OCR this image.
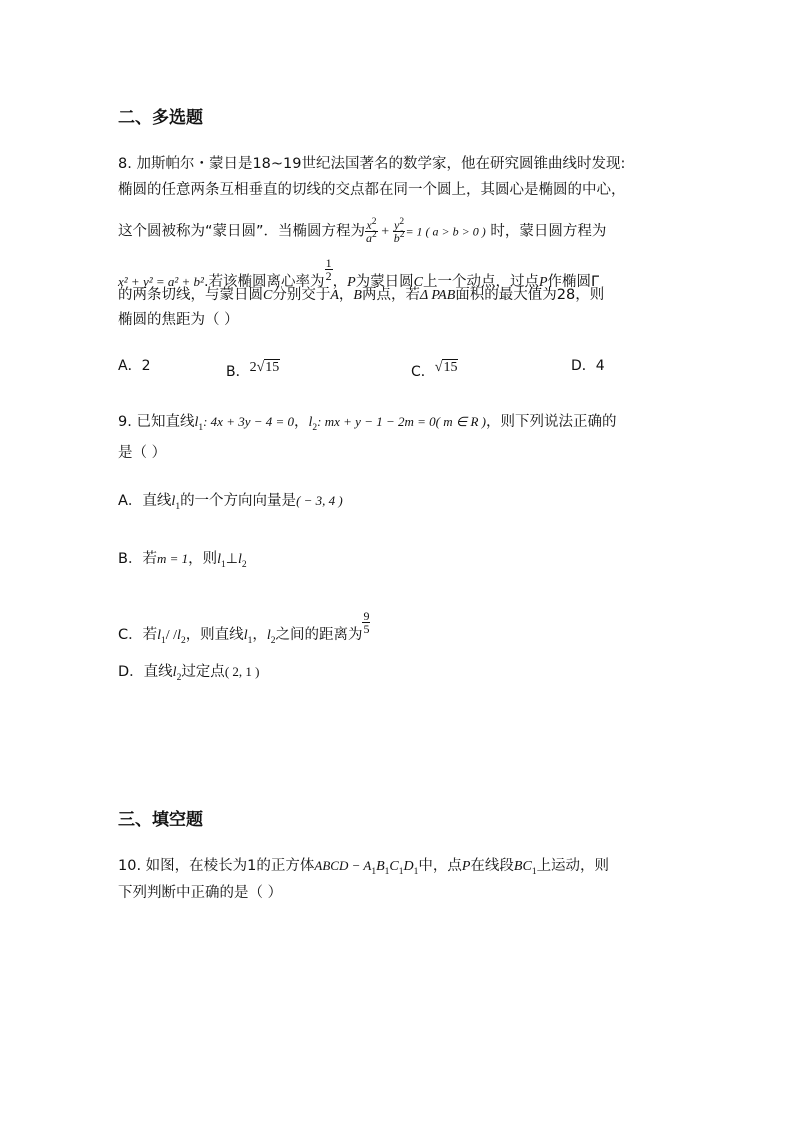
二、多选题
8. 加斯帕尔・蒙日是18~19世纪法国著名的数学家，他在研究圆锥曲线时发现:
椭圆的任意两条互相垂直的切线的交点都在同一个圆上，其圆心是椭圆的中心，
这个圆被称为“蒙日圆”．当椭圆方程为 $\frac{x^2}{a^2} + \frac{y^2}{b^2} = 1$ ( a > b > 0 ) 时，蒙日圆方程为
x² + y² = a² + b².若该椭圆离心率为 $\frac{1}{2}$ ，P为蒙日圆C上一个动点，过点P作椭圆Γ
的两条切线，与蒙日圆C分别交于A，B两点，若Δ PAB面积的最大值为28，则
椭圆的焦距为（ ）
A．2	B．2√15	C．√15	D．4
9. 已知直线$l_1$: 4x + 3y − 4 = 0，$l_2$: mx + y − 1 − 2m = 0( m ∈ R )，则下列说法正确的
是（ ）
A．直线$l_1$的一个方向向量是( − 3, 4 )
B．若m = 1，则$l_1\perp l_2$
C．若$l_1/$ $/l_2$，则直线$l_1$，$l_2$之间的距离为 $\frac{9}{5}$
D．直线$l_2$过定点( 2, 1 )
三、填空题
10. 如图，在棱长为1的正方体ABCD − $A_1B_1C_1D_1$中，点P在线段$BC_1$上运动，则
下列判断中正确的是（ ）
